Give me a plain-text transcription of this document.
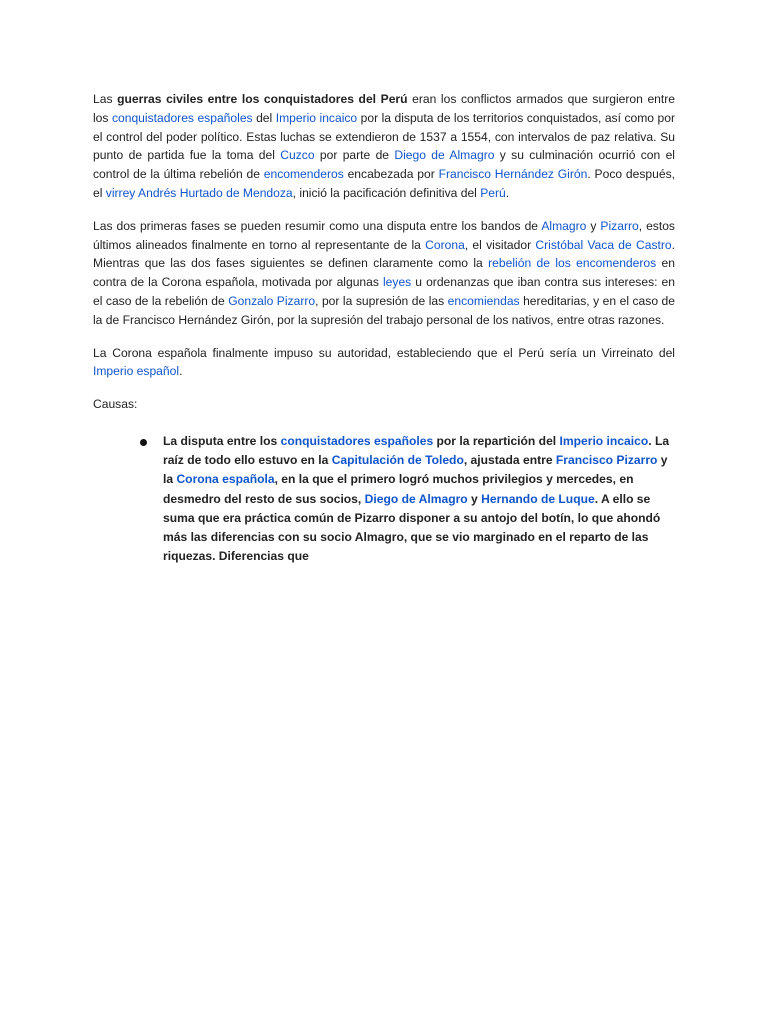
Las guerras civiles entre los conquistadores del Perú eran los conflictos armados que surgieron entre los conquistadores españoles del Imperio incaico por la disputa de los territorios conquistados, así como por el control del poder político. Estas luchas se extendieron de 1537 a 1554, con intervalos de paz relativa. Su punto de partida fue la toma del Cuzco por parte de Diego de Almagro y su culminación ocurrió con el control de la última rebelión de encomenderos encabezada por Francisco Hernández Girón. Poco después, el virrey Andrés Hurtado de Mendoza, inició la pacificación definitiva del Perú.

Las dos primeras fases se pueden resumir como una disputa entre los bandos de Almagro y Pizarro, estos últimos alineados finalmente en torno al representante de la Corona, el visitador Cristóbal Vaca de Castro. Mientras que las dos fases siguientes se definen claramente como la rebelión de los encomenderos en contra de la Corona española, motivada por algunas leyes u ordenanzas que iban contra sus intereses: en el caso de la rebelión de Gonzalo Pizarro, por la supresión de las encomiendas hereditarias, y en el caso de la de Francisco Hernández Girón, por la supresión del trabajo personal de los nativos, entre otras razones.

La Corona española finalmente impuso su autoridad, estableciendo que el Perú sería un Virreinato del Imperio español.

Causas:

La disputa entre los conquistadores españoles por la repartición del Imperio incaico. La raíz de todo ello estuvo en la Capitulación de Toledo, ajustada entre Francisco Pizarro y la Corona española, en la que el primero logró muchos privilegios y mercedes, en desmedro del resto de sus socios, Diego de Almagro y Hernando de Luque. A ello se suma que era práctica común de Pizarro disponer a su antojo del botín, lo que ahondó más las diferencias con su socio Almagro, que se vio marginado en el reparto de las riquezas. Diferencias que
